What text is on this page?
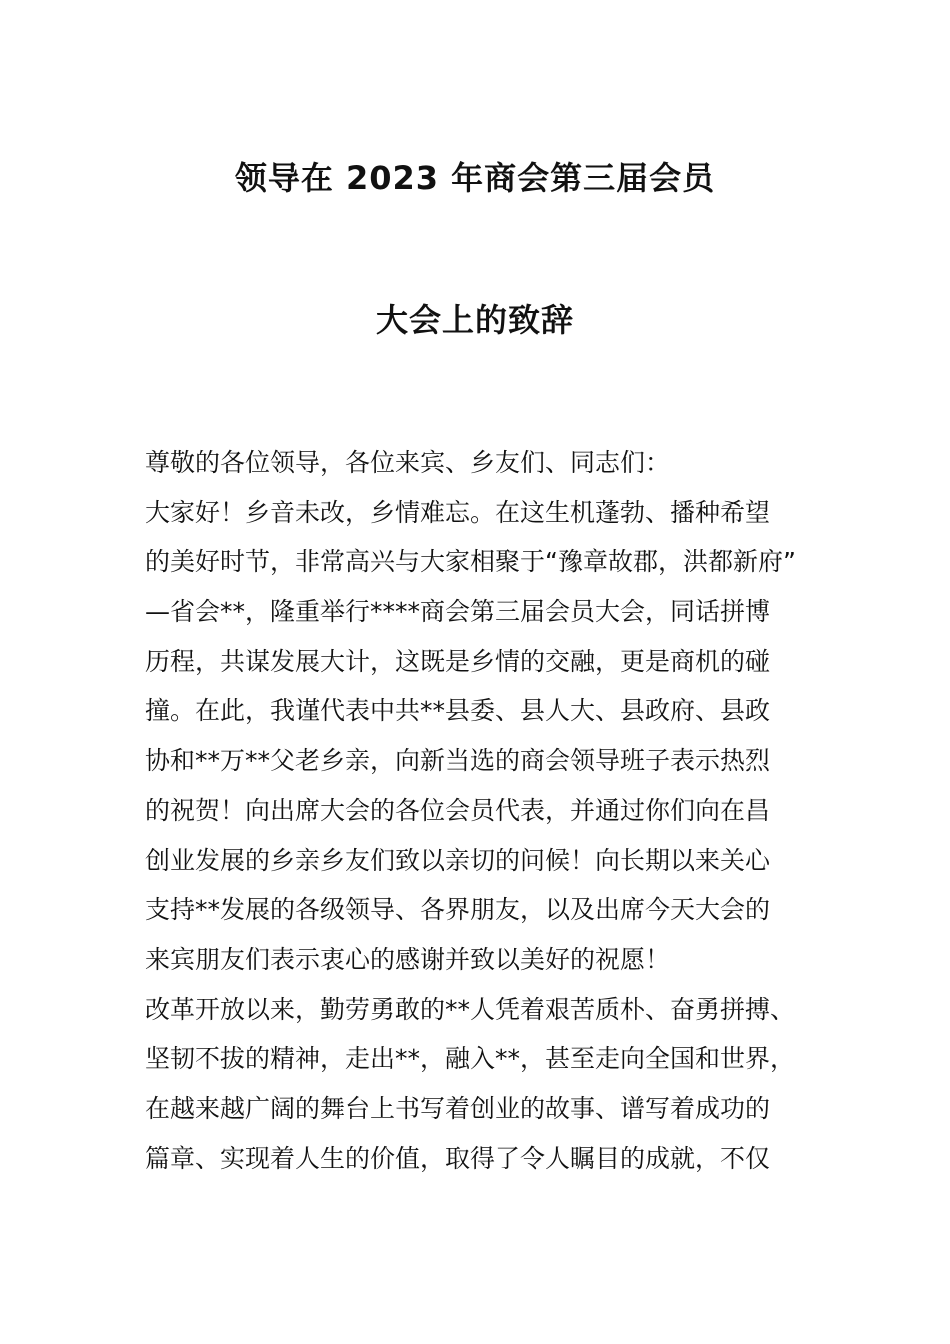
领导在 2023 年商会第三届会员
大会上的致辞
尊敬的各位领导，各位来宾、乡友们、同志们：
大家好！乡音未改，乡情难忘。在这生机蓬勃、播种希望
的美好时节，非常高兴与大家相聚于“豫章故郡，洪都新府”
—省会**，隆重举行****商会第三届会员大会，同话拼博
历程，共谋发展大计，这既是乡情的交融，更是商机的碰
撞。在此，我谨代表中共**县委、县人大、县政府、县政
协和**万**父老乡亲，向新当选的商会领导班子表示热烈
的祝贺！向出席大会的各位会员代表，并通过你们向在昌
创业发展的乡亲乡友们致以亲切的问候！向长期以来关心
支持**发展的各级领导、各界朋友，以及出席今天大会的
来宾朋友们表示衷心的感谢并致以美好的祝愿！
改革开放以来，勤劳勇敢的**人凭着艰苦质朴、奋勇拼搏、
坚韧不拔的精神，走出**，融入**，甚至走向全国和世界，
在越来越广阔的舞台上书写着创业的故事、谱写着成功的
篇章、实现着人生的价值，取得了令人瞩目的成就，不仅
